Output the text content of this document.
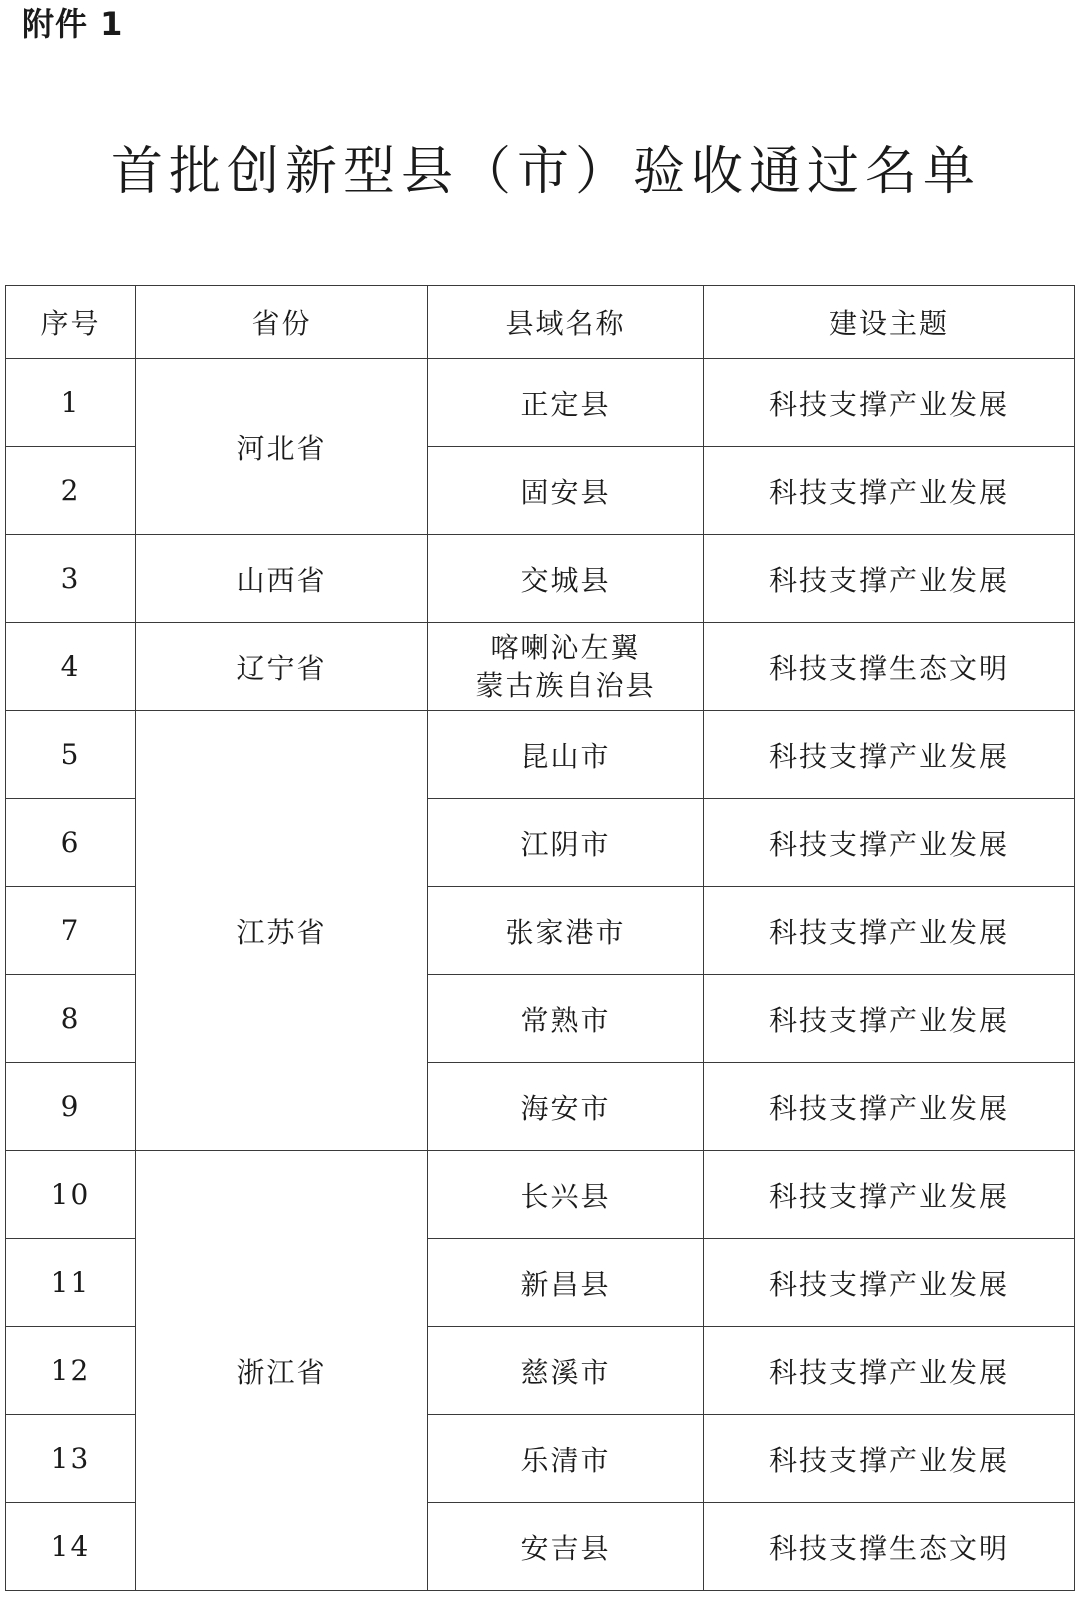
附件 1
首批创新型县（市）验收通过名单
序号	省份	县域名称	建设主题
1	河北省	正定县	科技支撑产业发展
2		固安县	科技支撑产业发展
3	山西省	交城县	科技支撑产业发展
4	辽宁省	喀喇沁左翼
蒙古族自治县	科技支撑生态文明
5	江苏省	昆山市	科技支撑产业发展
6		江阴市	科技支撑产业发展
7		张家港市	科技支撑产业发展
8		常熟市	科技支撑产业发展
9		海安市	科技支撑产业发展
10	浙江省	长兴县	科技支撑产业发展
11		新昌县	科技支撑产业发展
12		慈溪市	科技支撑产业发展
13		乐清市	科技支撑产业发展
14		安吉县	科技支撑生态文明
